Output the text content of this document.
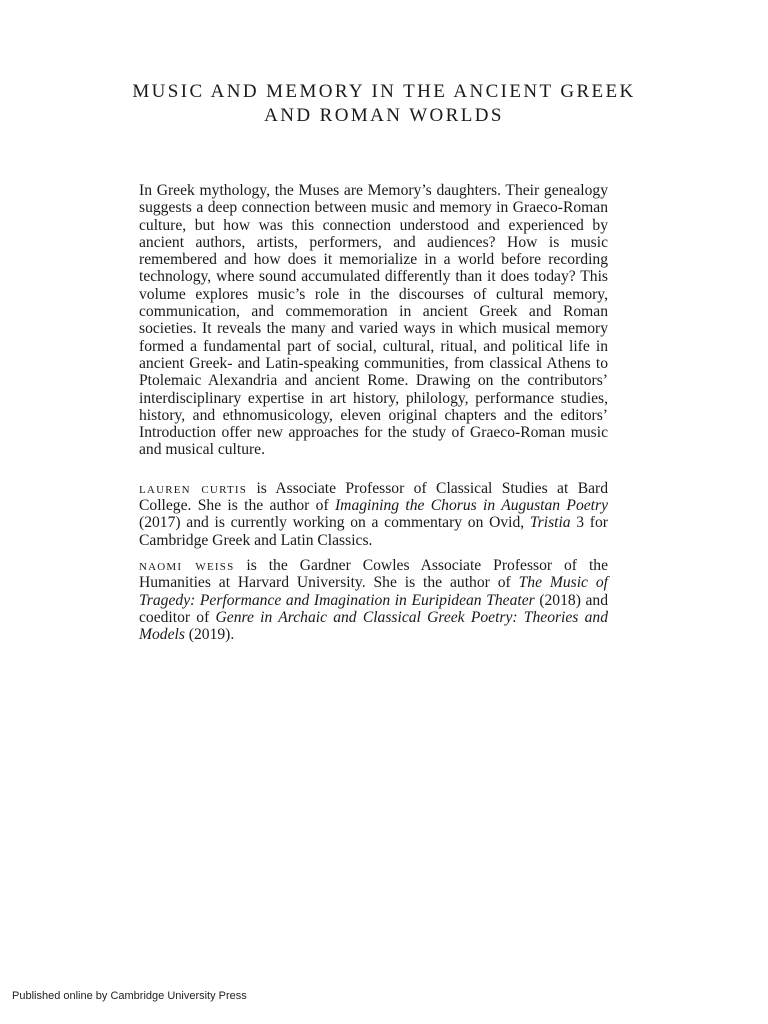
MUSIC AND MEMORY IN THE ANCIENT GREEK
AND ROMAN WORLDS

In Greek mythology, the Muses are Memory’s daughters. Their genealogy suggests a deep connection between music and memory in Graeco-Roman culture, but how was this connection understood and experienced by ancient authors, artists, performers, and audiences? How is music remembered and how does it memorialize in a world before recording technology, where sound accumulated differently than it does today? This volume explores music’s role in the discourses of cultural memory, communication, and commemoration in ancient Greek and Roman societies. It reveals the many and varied ways in which musical memory formed a fundamental part of social, cultural, ritual, and political life in ancient Greek- and Latin-speaking communities, from classical Athens to Ptolemaic Alexandria and ancient Rome. Drawing on the contributors’ interdisciplinary expertise in art history, philology, performance studies, history, and ethnomusicology, eleven original chapters and the editors’ Introduction offer new approaches for the study of Graeco-Roman music and musical culture.

lauren curtis is Associate Professor of Classical Studies at Bard College. She is the author of Imagining the Chorus in Augustan Poetry (2017) and is currently working on a commentary on Ovid, Tristia 3 for Cambridge Greek and Latin Classics.

naomi weiss is the Gardner Cowles Associate Professor of the Humanities at Harvard University. She is the author of The Music of Tragedy: Performance and Imagination in Euripidean Theater (2018) and coeditor of Genre in Archaic and Classical Greek Poetry: Theories and Models (2019).

Published online by Cambridge University Press
